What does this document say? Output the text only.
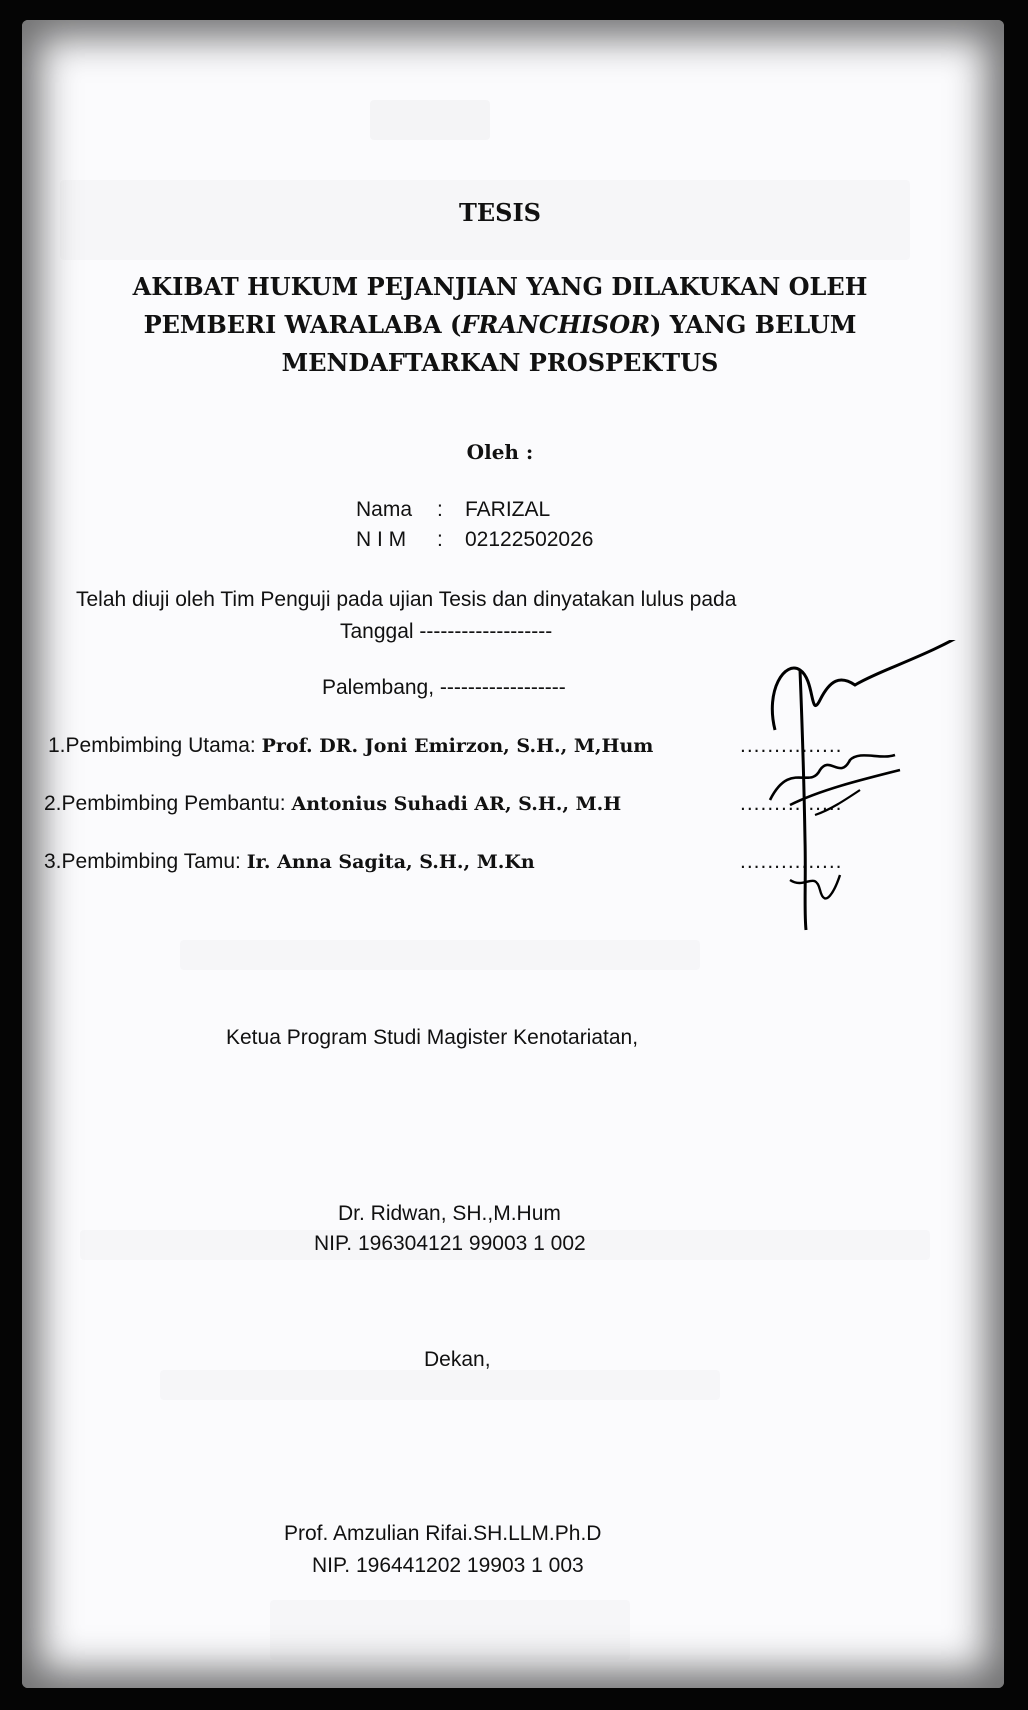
TESIS
AKIBAT HUKUM PEJANJIAN YANG DILAKUKAN OLEH
PEMBERI WARALABA (FRANCHISOR) YANG BELUM
MENDAFTARKAN PROSPEKTUS
Oleh :
Nama : FARIZAL
N I M : 02122502026
Telah diuji oleh Tim Penguji pada ujian Tesis dan dinyatakan lulus pada
Tanggal -------------------
Palembang, ------------------
1.Pembimbing Utama: Prof. DR. Joni Emirzon, S.H., M,Hum	...............
2.Pembimbing Pembantu: Antonius Suhadi AR, S.H., M.H	...............
3.Pembimbing Tamu: Ir. Anna Sagita, S.H., M.Kn	...............
Ketua Program Studi Magister Kenotariatan,
Dr. Ridwan, SH.,M.Hum
NIP. 196304121 99003 1 002
Dekan,
Prof. Amzulian Rifai.SH.LLM.Ph.D
NIP. 196441202 19903 1 003
